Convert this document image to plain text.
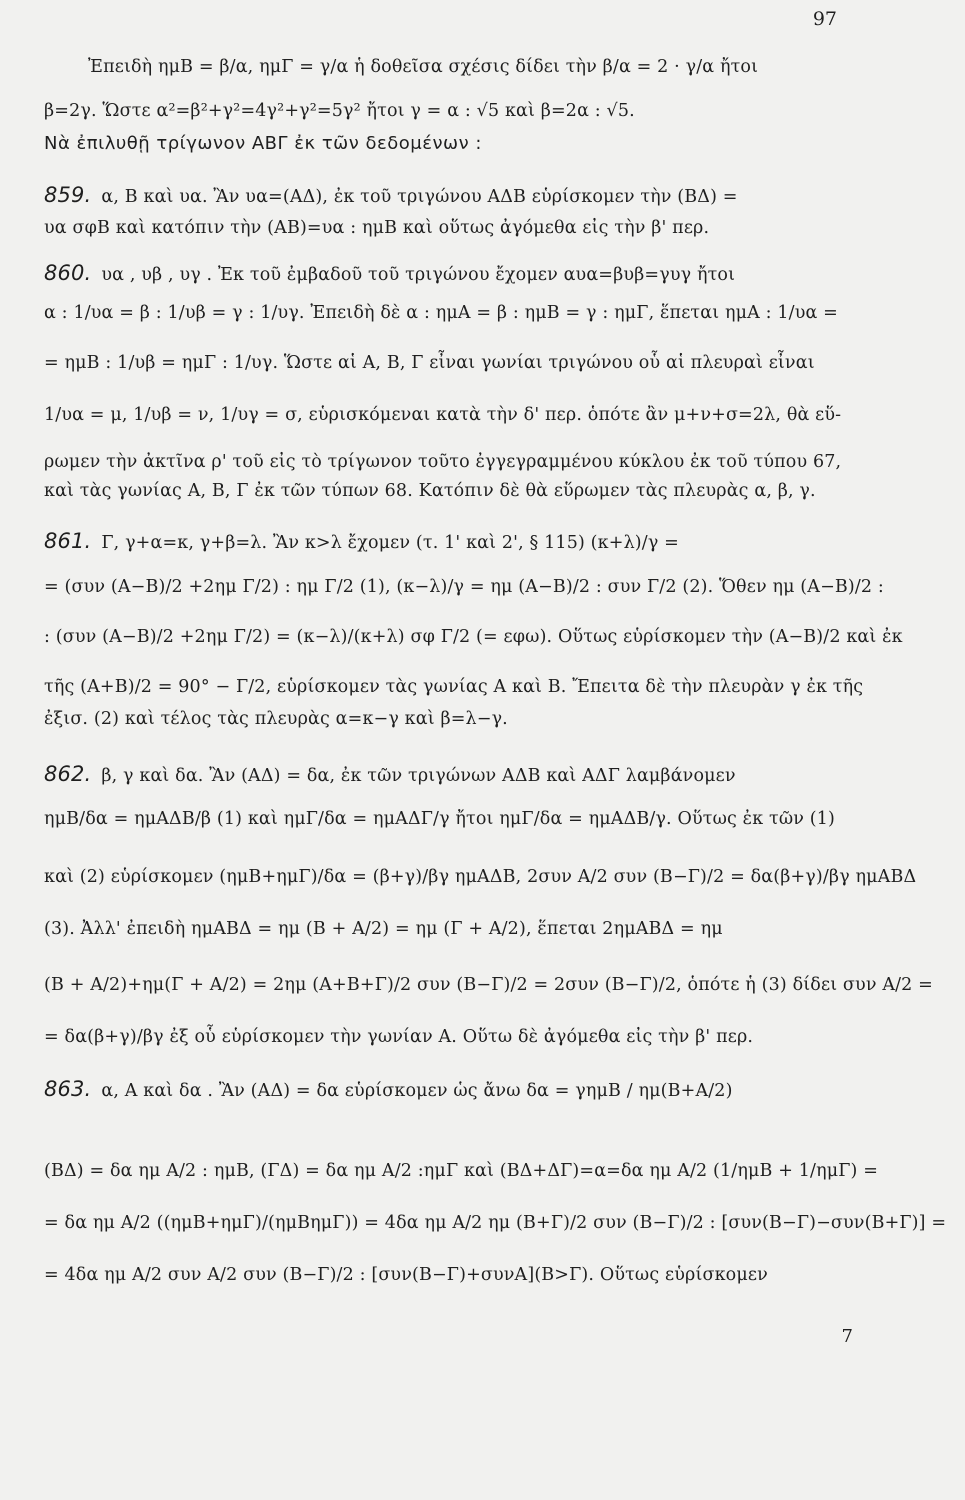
97
Ἐπειδὴ ημΒ = β/α, ημΓ = γ/α ἡ δοθεῖσα σχέσις δίδει τὴν β/α = 2 · γ/α ἤτοι
β=2γ. Ὥστε α²=β²+γ²=4γ²+γ²=5γ² ἤτοι γ = α : √5 καὶ β=2α : √5.
Νὰ ἐπιλυθῇ τρίγωνον ΑΒΓ ἐκ τῶν δεδομένων :
859. α, Β καὶ υα. Ἂν υα=(ΑΔ), ἐκ τοῦ τριγώνου ΑΔΒ εὑρίσκομεν τὴν (ΒΔ) =
υα σφΒ καὶ κατόπιν τὴν (ΑΒ)=υα : ημΒ καὶ οὕτως ἀγόμεθα εἰς τὴν β' περ.
860. υα , υβ , υγ . Ἐκ τοῦ ἐμβαδοῦ τοῦ τριγώνου ἔχομεν αυα=βυβ=γυγ ἤτοι
α : 1/υα = β : 1/υβ = γ : 1/υγ. Ἐπειδὴ δὲ α : ημΑ = β : ημΒ = γ : ημΓ, ἕπεται ημΑ : 1/υα =
= ημΒ : 1/υβ = ημΓ : 1/υγ. Ὥστε αἱ Α, Β, Γ εἶναι γωνίαι τριγώνου οὗ αἱ πλευραὶ εἶναι
1/υα = μ, 1/υβ = ν, 1/υγ = σ, εὑρισκόμεναι κατὰ τὴν δ' περ. ὁπότε ἂν μ+ν+σ=2λ, θὰ εὕ-
ρωμεν τὴν ἀκτῖνα ρ' τοῦ εἰς τὸ τρίγωνον τοῦτο ἐγγεγραμμένου κύκλου ἐκ τοῦ τύπου 67,
καὶ τὰς γωνίας Α, Β, Γ ἐκ τῶν τύπων 68. Κατόπιν δὲ θὰ εὕρωμεν τὰς πλευρὰς α, β, γ.
861. Γ, γ+α=κ, γ+β=λ. Ἂν κ>λ ἔχομεν (τ. 1' καὶ 2', § 115) (κ+λ)/γ =
= (συν (Α−Β)/2 +2ημ Γ/2) : ημ Γ/2 (1), (κ−λ)/γ = ημ (Α−Β)/2 : συν Γ/2 (2). Ὅθεν ημ (Α−Β)/2 :
: (συν (Α−Β)/2 +2ημ Γ/2) = (κ−λ)/(κ+λ) σφ Γ/2 (= εφω). Οὕτως εὑρίσκομεν τὴν (Α−Β)/2 καὶ ἐκ
τῆς (Α+Β)/2 = 90° − Γ/2, εὑρίσκομεν τὰς γωνίας Α καὶ Β. Ἔπειτα δὲ τὴν πλευρὰν γ ἐκ τῆς
ἐξισ. (2) καὶ τέλος τὰς πλευρὰς α=κ−γ καὶ β=λ−γ.
862. β, γ καὶ δα. Ἂν (ΑΔ) = δα, ἐκ τῶν τριγώνων ΑΔΒ καὶ ΑΔΓ λαμβάνομεν
ημΒ/δα = ημΑΔΒ/β (1) καὶ ημΓ/δα = ημΑΔΓ/γ ἤτοι ημΓ/δα = ημΑΔΒ/γ. Οὕτως ἐκ τῶν (1)
καὶ (2) εὑρίσκομεν (ημΒ+ημΓ)/δα = (β+γ)/βγ ημΑΔΒ, 2συν Α/2 συν (Β−Γ)/2 = δα(β+γ)/βγ ημΑΒΔ
(3). Ἀλλ' ἐπειδὴ ημΑΒΔ = ημ (Β + Α/2) = ημ (Γ + Α/2), ἕπεται 2ημΑΒΔ = ημ
(Β + Α/2)+ημ(Γ + Α/2) = 2ημ (Α+Β+Γ)/2 συν (Β−Γ)/2 = 2συν (Β−Γ)/2, ὁπότε ἡ (3) δίδει συν Α/2 =
= δα(β+γ)/βγ ἐξ οὗ εὑρίσκομεν τὴν γωνίαν Α. Οὕτω δὲ ἀγόμεθα εἰς τὴν β' περ.
863. α, Α καὶ δα . Ἂν (ΑΔ) = δα εὑρίσκομεν ὡς ἄνω δα = γημΒ / ημ(Β+Α/2)
(ΒΔ) = δα ημ Α/2 : ημΒ, (ΓΔ) = δα ημ Α/2 :ημΓ καὶ (ΒΔ+ΔΓ)=α=δα ημ Α/2 (1/ημΒ + 1/ημΓ) =
= δα ημ Α/2 ((ημΒ+ημΓ)/(ημΒημΓ)) = 4δα ημ Α/2 ημ (Β+Γ)/2 συν (Β−Γ)/2 : [συν(Β−Γ)−συν(Β+Γ)] =
= 4δα ημ Α/2 συν Α/2 συν (Β−Γ)/2 : [συν(Β−Γ)+συνΑ](Β>Γ). Οὕτως εὑρίσκομεν
7
